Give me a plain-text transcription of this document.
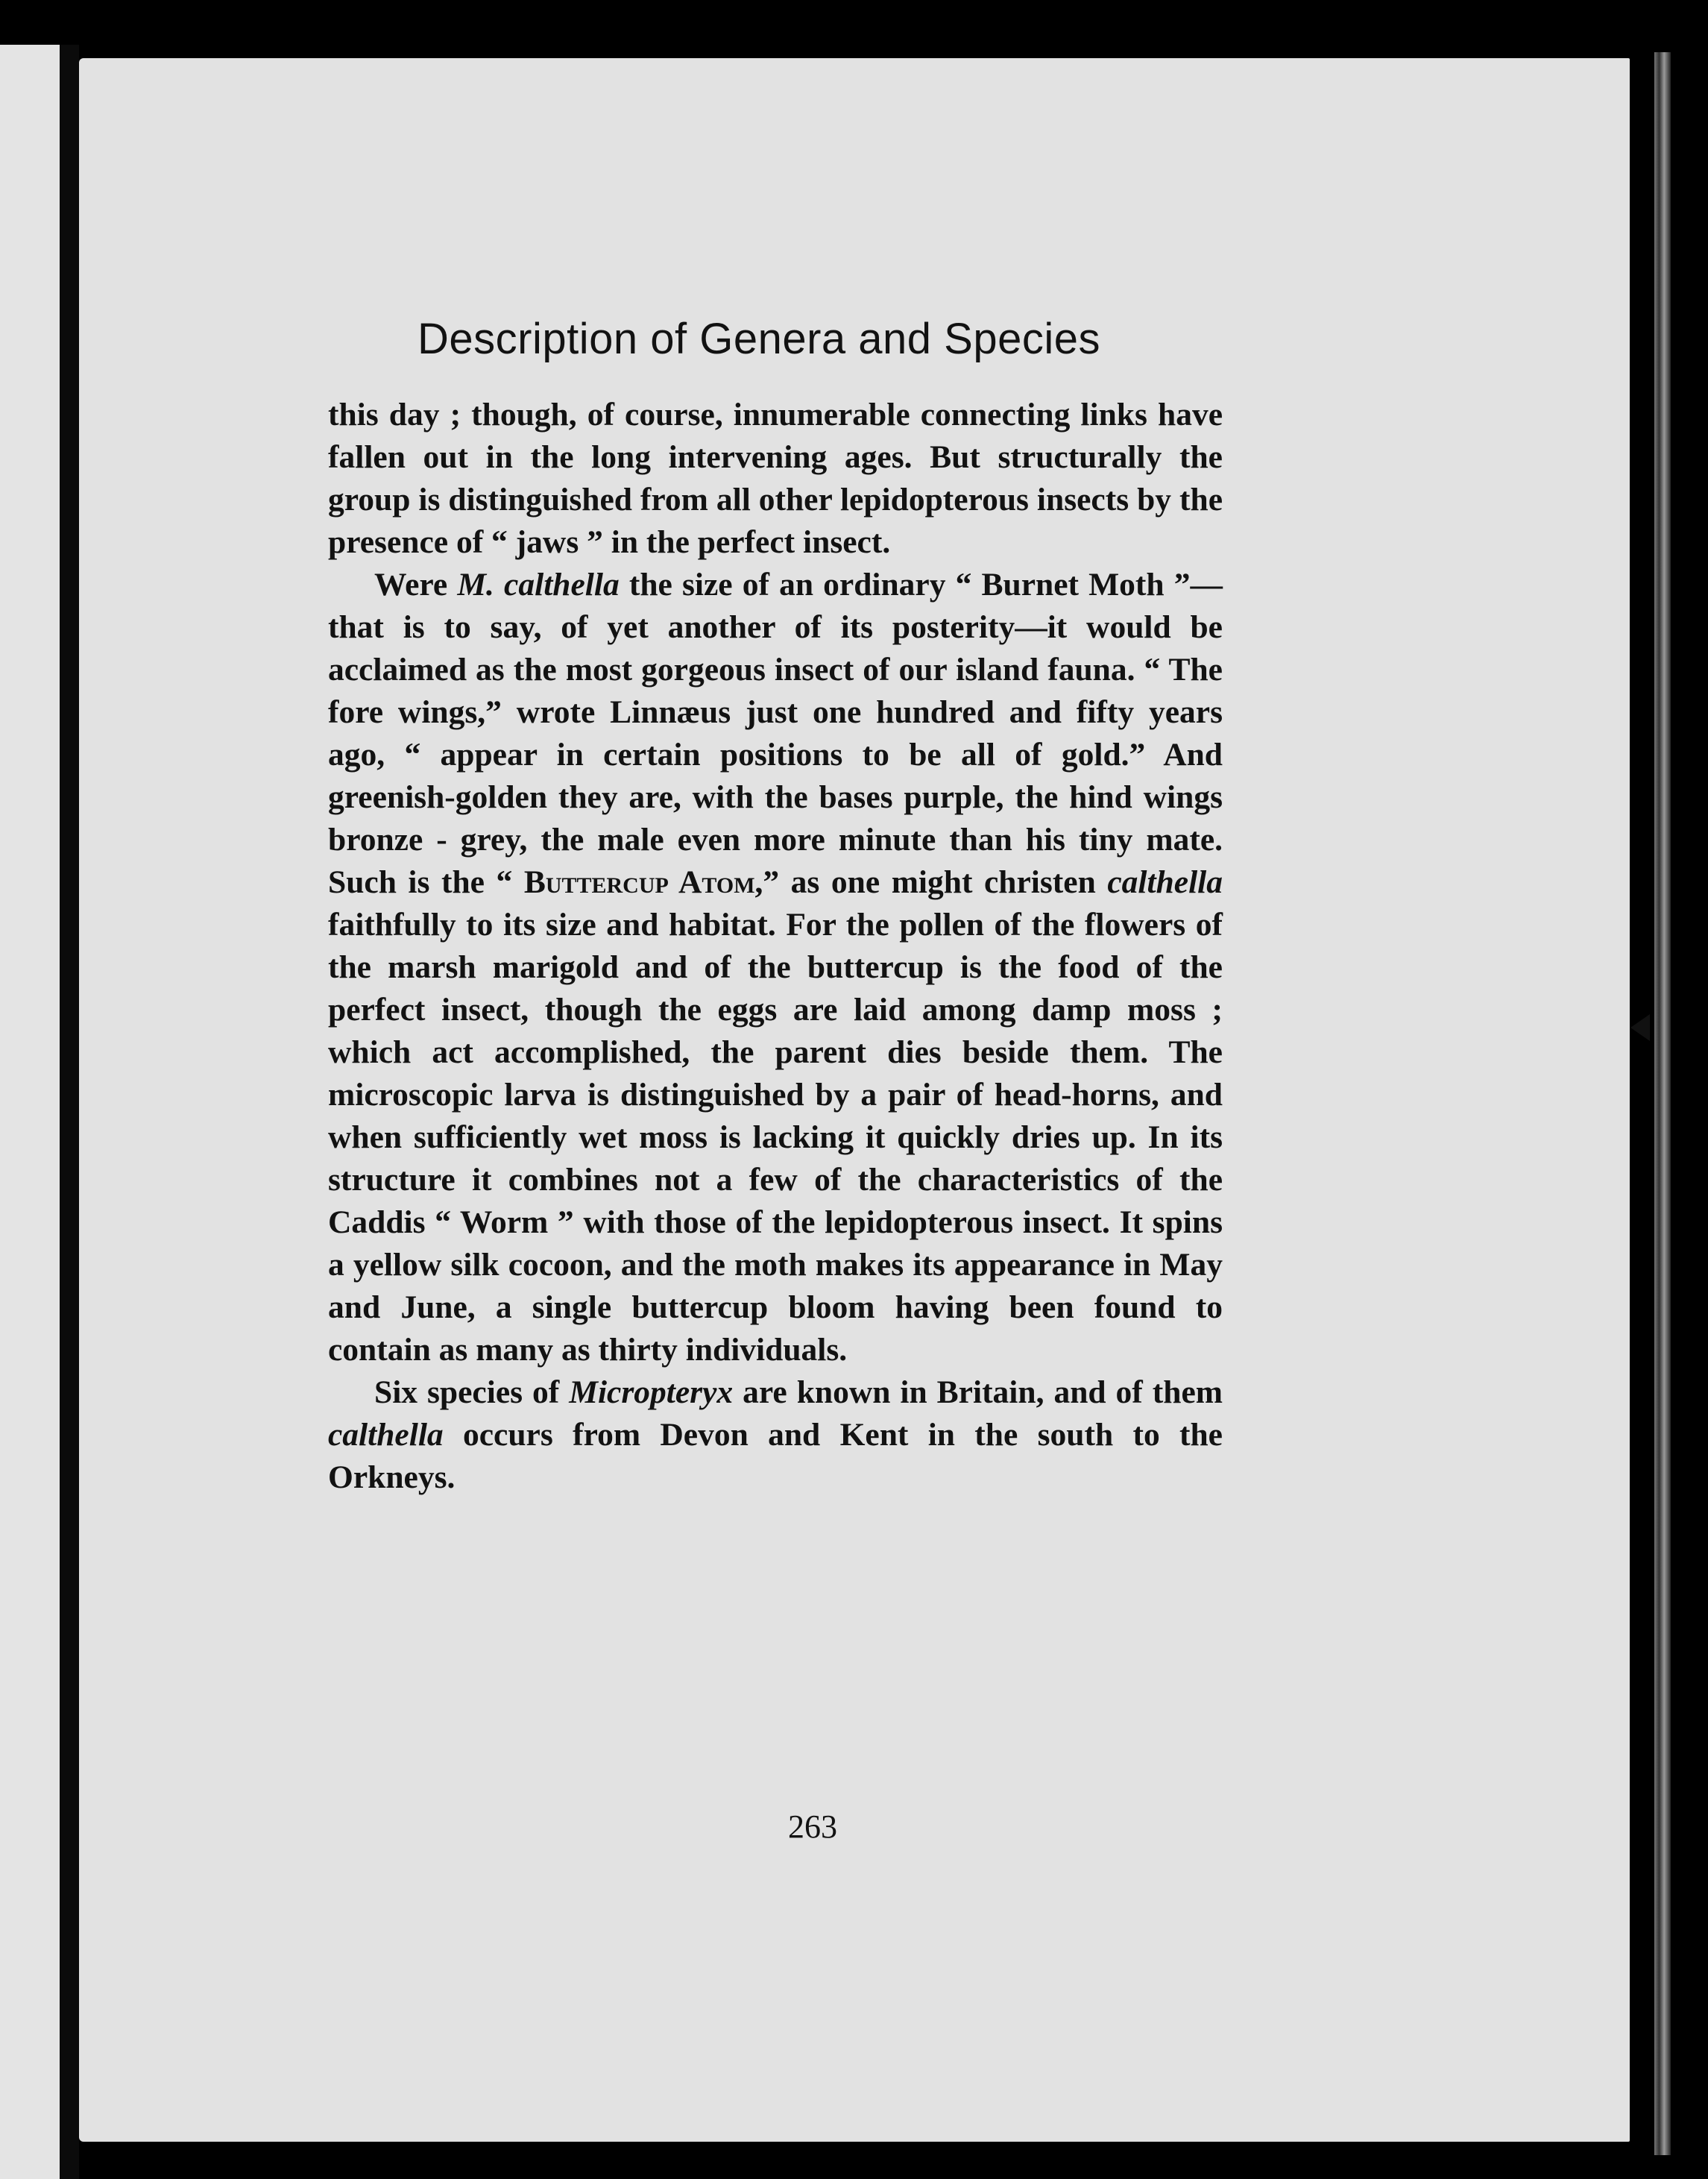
Description of Genera and Species

this day ; though, of course, innumerable connecting links have fallen out in the long intervening ages. But structurally the group is distinguished from all other lepidopterous insects by the presence of “ jaws ” in the perfect insect.

Were M. calthella the size of an ordinary “ Burnet Moth ”—that is to say, of yet another of its posterity—it would be acclaimed as the most gorgeous insect of our island fauna. “ The fore wings,” wrote Linnæus just one hundred and fifty years ago, “ appear in certain positions to be all of gold.” And greenish-golden they are, with the bases purple, the hind wings bronze - grey, the male even more minute than his tiny mate. Such is the “ Buttercup Atom,” as one might christen calthella faithfully to its size and habitat. For the pollen of the flowers of the marsh marigold and of the buttercup is the food of the perfect insect, though the eggs are laid among damp moss ; which act accomplished, the parent dies beside them. The microscopic larva is distinguished by a pair of head-horns, and when sufficiently wet moss is lacking it quickly dries up. In its structure it combines not a few of the characteristics of the Caddis “ Worm ” with those of the lepidopterous insect. It spins a yellow silk cocoon, and the moth makes its appearance in May and June, a single buttercup bloom having been found to contain as many as thirty individuals.

Six species of Micropteryx are known in Britain, and of them calthella occurs from Devon and Kent in the south to the Orkneys.

263
